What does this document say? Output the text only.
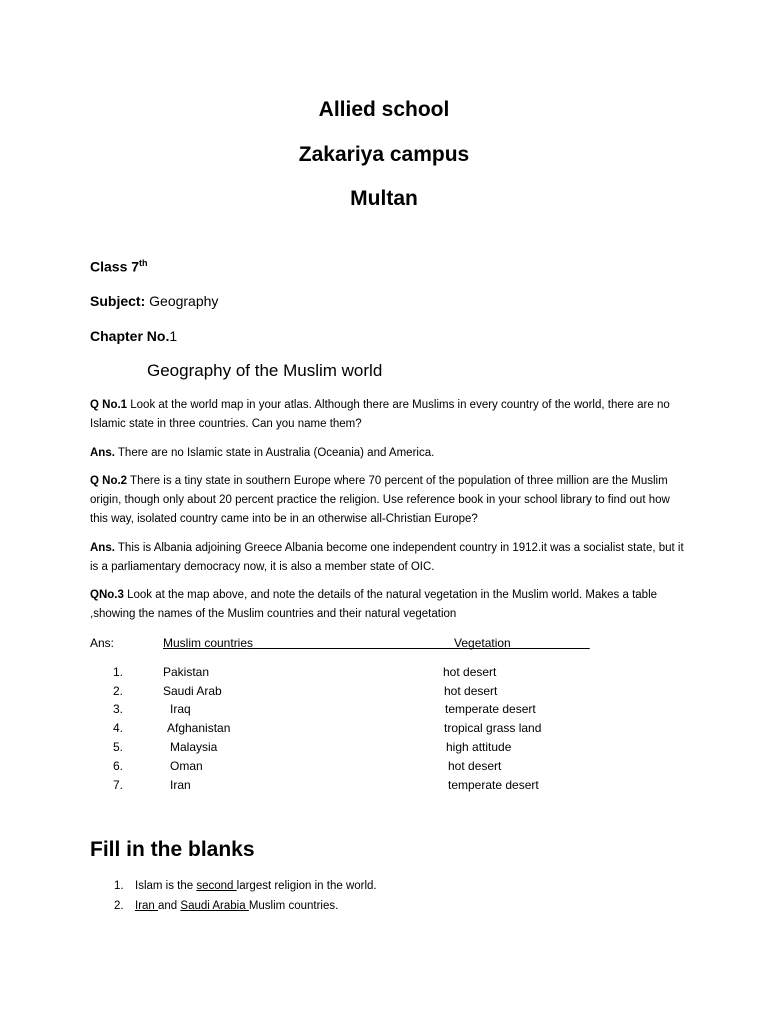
Allied school
Zakariya campus
Multan
Class 7th
Subject: Geography
Chapter No.1
Geography of the Muslim world
Q No.1 Look at the world map in your atlas. Although there are Muslims in every country of the world, there are no Islamic state in three countries. Can you name them?
Ans. There are no Islamic state in Australia (Oceania) and America.
Q No.2 There is a tiny state in southern Europe where 70 percent of the population of three million are the Muslim origin, though only about 20 percent practice the religion. Use reference book in your school library to find out how this way, isolated country came into be in an otherwise all-Christian Europe?
Ans. This is Albania adjoining Greece Albania become one independent country in 1912.it was a socialist state, but it is a parliamentary democracy now, it is also a member state of OIC.
QNo.3 Look at the map above, and note the details of the natural vegetation in the Muslim world. Makes a table ,showing the names of the Muslim countries and their natural vegetation
Ans:	Muslim countries	Vegetation
1.	Pakistan	hot desert
2.	Saudi Arab	hot desert
3.	Iraq	temperate desert
4.	Afghanistan	tropical grass land
5.	Malaysia	high attitude
6.	Oman	hot desert
7.	Iran	temperate desert
Fill in the blanks
1. Islam is the second largest religion in the world.
2. Iran and Saudi Arabia Muslim countries.
